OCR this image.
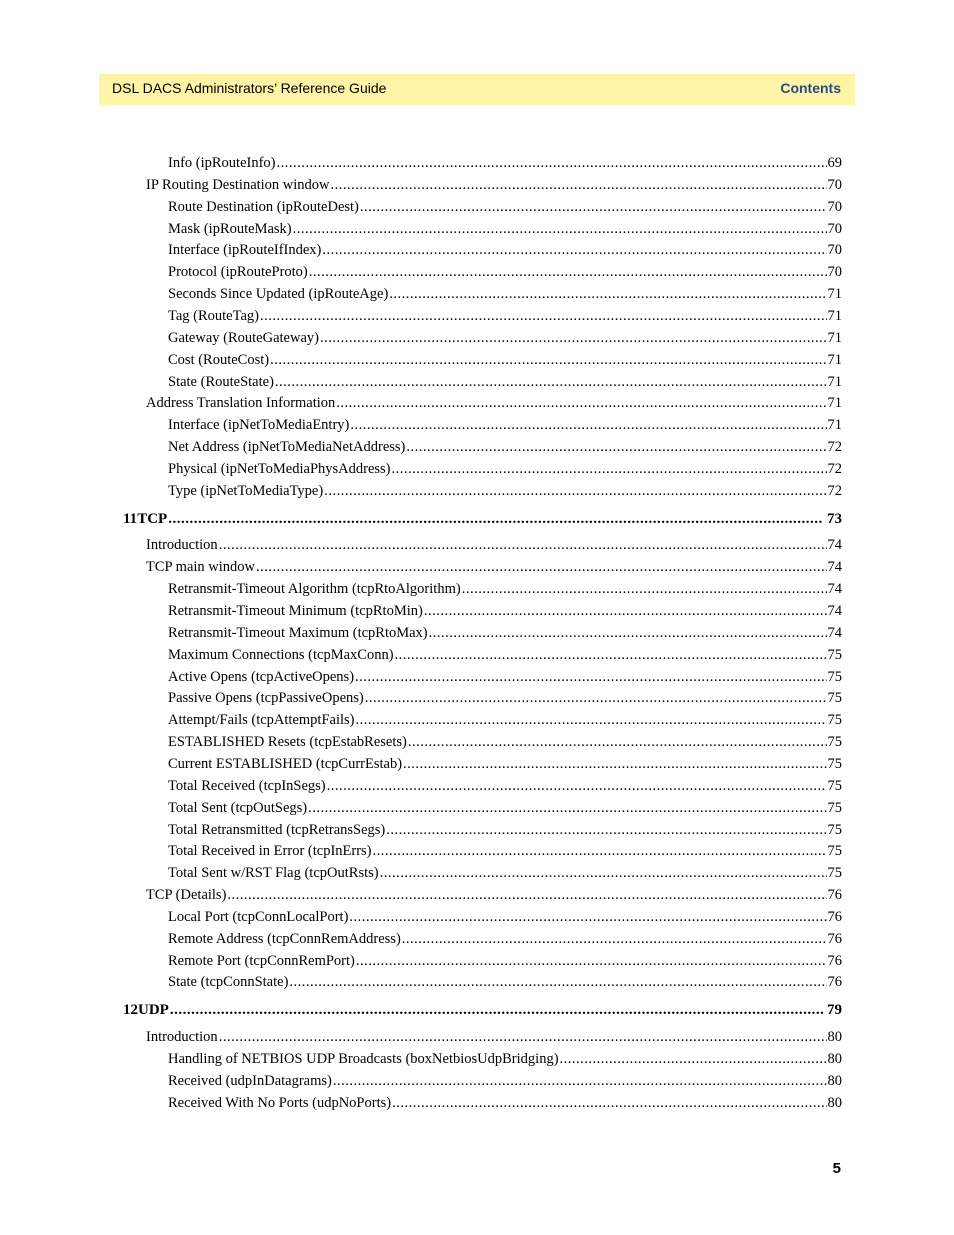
DSL DACS Administrators’ Reference Guide	Contents
Info (ipRouteInfo) .....	69
IP Routing Destination window .....	70
Route Destination (ipRouteDest) .....	70
Mask (ipRouteMask) .....	70
Interface (ipRouteIfIndex) .....	70
Protocol (ipRouteProto) .....	70
Seconds Since Updated (ipRouteAge) .....	71
Tag (RouteTag) .....	71
Gateway (RouteGateway) .....	71
Cost (RouteCost) .....	71
State (RouteState) .....	71
Address Translation Information .....	71
Interface (ipNetToMediaEntry) .....	71
Net Address (ipNetToMediaNetAddress) .....	72
Physical (ipNetToMediaPhysAddress) .....	72
Type (ipNetToMediaType) .....	72
11 TCP .....	73
Introduction .....	74
TCP main window .....	74
Retransmit-Timeout Algorithm (tcpRtoAlgorithm) .....	74
Retransmit-Timeout Minimum (tcpRtoMin) .....	74
Retransmit-Timeout Maximum (tcpRtoMax) .....	74
Maximum Connections (tcpMaxConn) .....	75
Active Opens (tcpActiveOpens) .....	75
Passive Opens (tcpPassiveOpens) .....	75
Attempt/Fails (tcpAttemptFails) .....	75
ESTABLISHED Resets (tcpEstabResets) .....	75
Current ESTABLISHED (tcpCurrEstab) .....	75
Total Received (tcpInSegs) .....	75
Total Sent (tcpOutSegs) .....	75
Total Retransmitted (tcpRetransSegs) .....	75
Total Received in Error (tcpInErrs) .....	75
Total Sent w/RST Flag (tcpOutRsts) .....	75
TCP (Details) .....	76
Local Port (tcpConnLocalPort) .....	76
Remote Address (tcpConnRemAddress) .....	76
Remote Port (tcpConnRemPort) .....	76
State (tcpConnState) .....	76
12 UDP .....	79
Introduction .....	80
Handling of NETBIOS UDP Broadcasts (boxNetbiosUdpBridging) .....	80
Received (udpInDatagrams) .....	80
Received With No Ports (udpNoPorts) .....	80
5
